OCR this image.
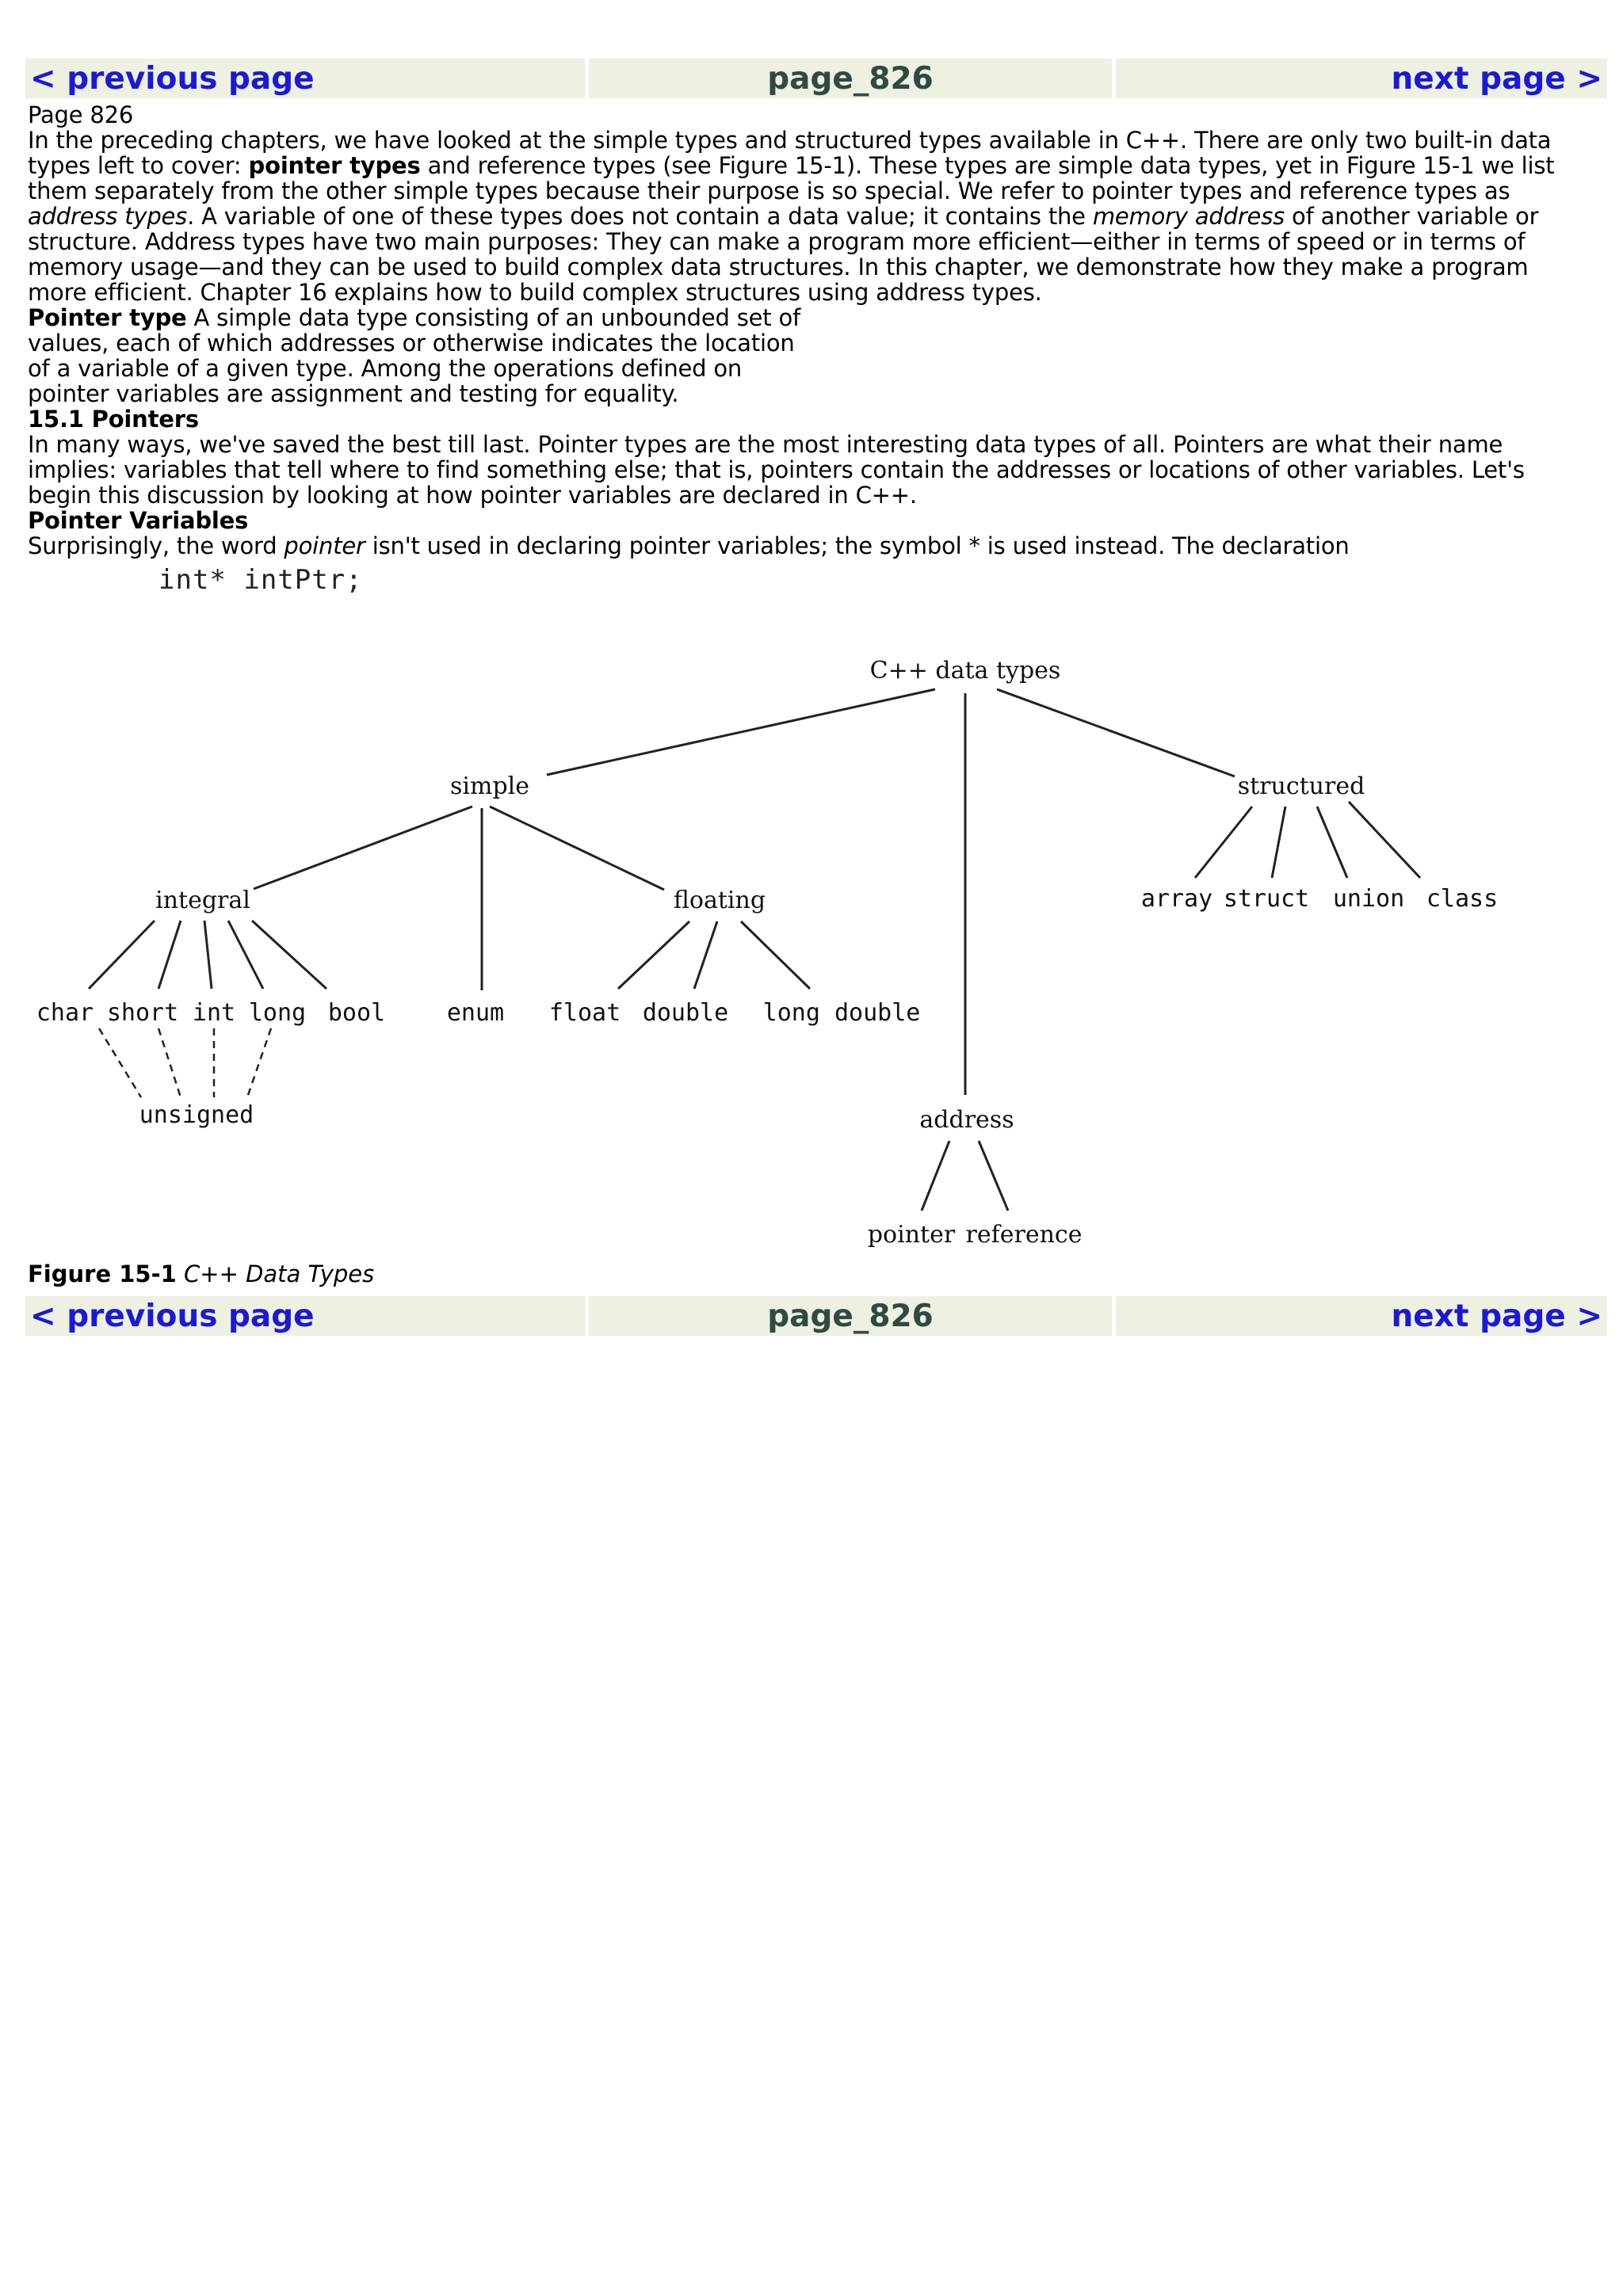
< previous page	page_826	next page >
Page 826

In the preceding chapters, we have looked at the simple types and structured types available in C++. There are only two built-in data types left to cover: pointer types and reference types (see Figure 15-1). These types are simple data types, yet in Figure 15-1 we list them separately from the other simple types because their purpose is so special. We refer to pointer types and reference types as address types. A variable of one of these types does not contain a data value; it contains the memory address of another variable or structure. Address types have two main purposes: They can make a program more efficient—either in terms of speed or in terms of memory usage—and they can be used to build complex data structures. In this chapter, we demonstrate how they make a program more efficient. Chapter 16 explains how to build complex structures using address types.

Pointer type A simple data type consisting of an unbounded set of values, each of which addresses or otherwise indicates the location of a variable of a given type. Among the operations defined on pointer variables are assignment and testing for equality.

15.1 Pointers

In many ways, we've saved the best till last. Pointer types are the most interesting data types of all. Pointers are what their name implies: variables that tell where to find something else; that is, pointers contain the addresses or locations of other variables. Let's begin this discussion by looking at how pointer variables are declared in C++.

Pointer Variables

Surprisingly, the word pointer isn't used in declaring pointer variables; the symbol * is used instead. The declaration

int* intPtr;
C++ data types
simple	structured
integral	floating	array struct union class
char short int long bool	enum float double long double
unsigned	address
pointer reference
Figure 15-1 C++ Data Types
< previous page	page_826	next page >
